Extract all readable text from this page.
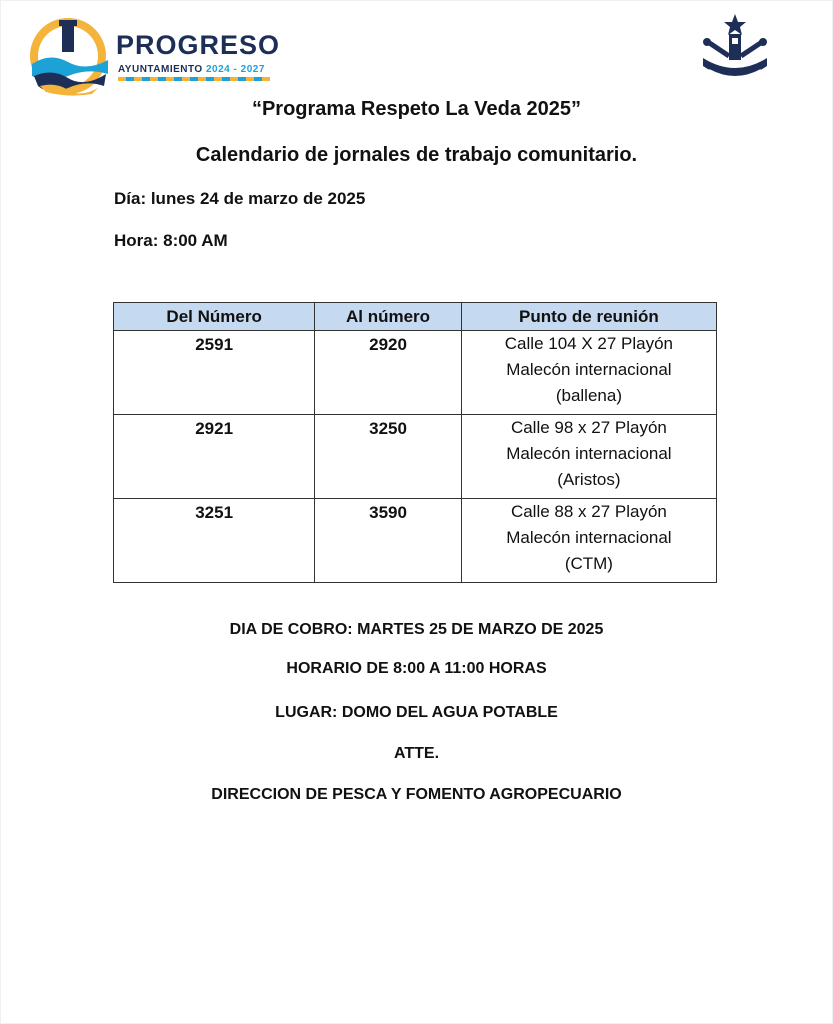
PROGRESO
AYUNTAMIENTO 2024 - 2027
“Programa Respeto La Veda 2025”
Calendario de jornales de trabajo comunitario.
Día: lunes 24 de marzo de 2025
Hora: 8:00 AM
Del Número	Al número	Punto de reunión
2591	2920	Calle 104 X 27 Playón
Malecón internacional
(ballena)

2921	3250	Calle 98 x 27 Playón
Malecón internacional
(Aristos)

3251	3590	Calle 88 x 27 Playón
Malecón internacional
(CTM)
DIA DE COBRO: MARTES 25 DE MARZO DE 2025
HORARIO DE 8:00 A 11:00 HORAS
LUGAR: DOMO DEL AGUA POTABLE
ATTE.
DIRECCION DE PESCA Y FOMENTO AGROPECUARIO
